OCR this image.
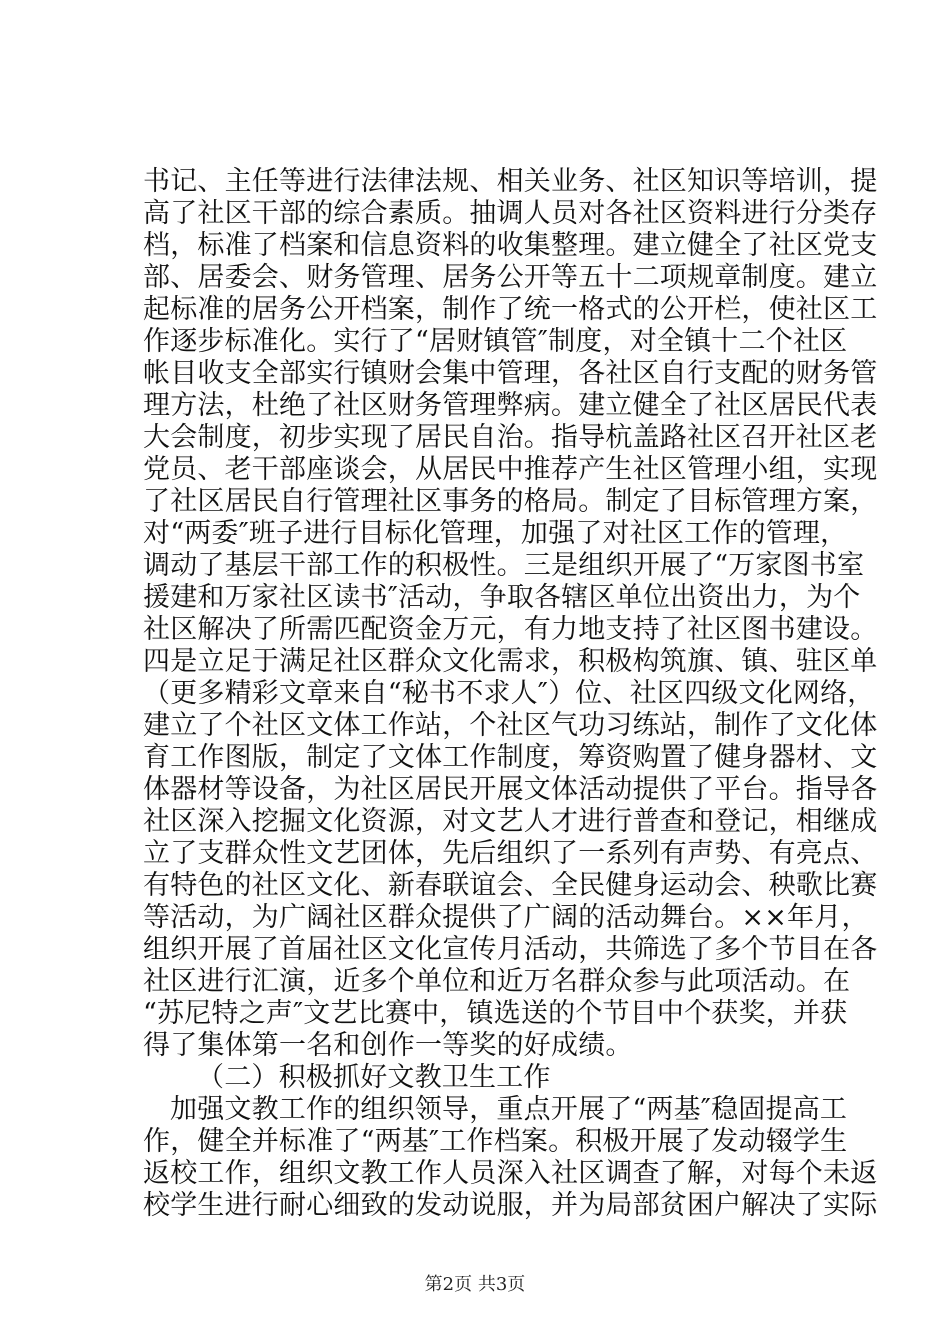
书记、主任等进行法律法规、相关业务、社区知识等培训，提
高了社区干部的综合素质。抽调人员对各社区资料进行分类存
档，标准了档案和信息资料的收集整理。建立健全了社区党支
部、居委会、财务管理、居务公开等五十二项规章制度。建立
起标准的居务公开档案，制作了统一格式的公开栏，使社区工
作逐步标准化。实行了“居财镇管″制度，对全镇十二个社区
帐目收支全部实行镇财会集中管理，各社区自行支配的财务管
理方法，杜绝了社区财务管理弊病。建立健全了社区居民代表
大会制度，初步实现了居民自治。指导杭盖路社区召开社区老
党员、老干部座谈会，从居民中推荐产生社区管理小组，实现
了社区居民自行管理社区事务的格局。制定了目标管理方案，
对“两委″班子进行目标化管理，加强了对社区工作的管理，
调动了基层干部工作的积极性。三是组织开展了“万家图书室
援建和万家社区读书″活动，争取各辖区单位出资出力，为个
社区解决了所需匹配资金万元，有力地支持了社区图书建设。
四是立足于满足社区群众文化需求，积极构筑旗、镇、驻区单
（更多精彩文章来自“秘书不求人″）位、社区四级文化网络，
建立了个社区文体工作站，个社区气功习练站，制作了文化体
育工作图版，制定了文体工作制度，筹资购置了健身器材、文
体器材等设备，为社区居民开展文体活动提供了平台。指导各
社区深入挖掘文化资源，对文艺人才进行普查和登记，相继成
立了支群众性文艺团体，先后组织了一系列有声势、有亮点、
有特色的社区文化、新春联谊会、全民健身运动会、秧歌比赛
等活动，为广阔社区群众提供了广阔的活动舞台。××年月，
组织开展了首届社区文化宣传月活动，共筛选了多个节目在各
社区进行汇演，近多个单位和近万名群众参与此项活动。在
“苏尼特之声″文艺比赛中，镇选送的个节目中个获奖，并获
得了集体第一名和创作一等奖的好成绩。
（二）积极抓好文教卫生工作
加强文教工作的组织领导，重点开展了“两基″稳固提高工
作，健全并标准了“两基″工作档案。积极开展了发动辍学生
返校工作，组织文教工作人员深入社区调查了解，对每个未返
校学生进行耐心细致的发动说服，并为局部贫困户解决了实际
第2页 共3页
